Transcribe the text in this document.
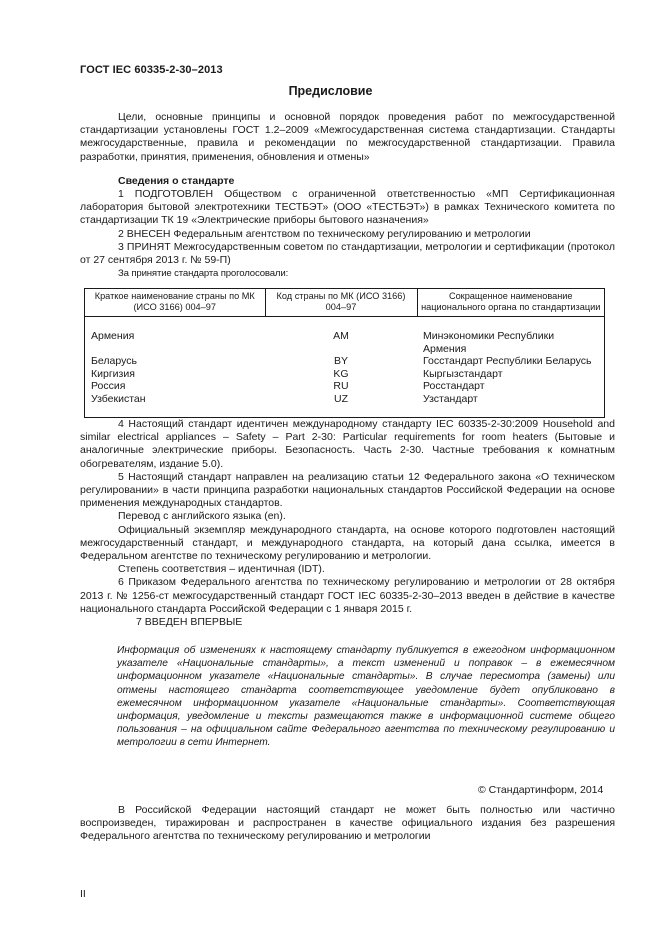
ГОСТ IEC 60335-2-30–2013
Предисловие

Цели, основные принципы и основной порядок проведения работ по межгосударственной стандартизации установлены ГОСТ 1.2–2009 «Межгосударственная система стандартизации. Стандарты межгосударственные, правила и рекомендации по межгосударственной стандартизации. Правила разработки, принятия, применения, обновления и отмены»

Сведения о стандарте

1 ПОДГОТОВЛЕН Обществом с ограниченной ответственностью «МП Сертификационная лаборатория бытовой электротехники ТЕСТБЭТ» (ООО «ТЕСТБЭТ») в рамках Технического комитета по стандартизации ТК 19 «Электрические приборы бытового назначения»

2 ВНЕСЕН Федеральным агентством по техническому регулированию и метрологии

3 ПРИНЯТ Межгосударственным советом по стандартизации, метрологии и сертификации (протокол от 27 сентября 2013 г. № 59-П)

За принятие стандарта проголосовали:

Краткое наименование страны по МК (ИСО 3166) 004–97	Код страны по МК (ИСО 3166) 004–97	Сокращенное наименование национального органа по стандартизации
Армения	AM	Минэкономики Республики Армения
Беларусь	BY	Госстандарт Республики Беларусь
Киргизия	KG	Кыргызстандарт
Россия	RU	Росстандарт
Узбекистан	UZ	Узстандарт

4 Настоящий стандарт идентичен международному стандарту IEC 60335-2-30:2009 Household and similar electrical appliances – Safety – Part 2-30: Particular requirements for room heaters (Бытовые и аналогичные электрические приборы. Безопасность. Часть 2-30. Частные требования к комнатным обогревателям, издание 5.0).

5 Настоящий стандарт направлен на реализацию статьи 12 Федерального закона «О техническом регулировании» в части принципа разработки национальных стандартов Российской Федерации на основе применения международных стандартов.

Перевод с английского языка (en).

Официальный экземпляр международного стандарта, на основе которого подготовлен настоящий межгосударственный стандарт, и международного стандарта, на который дана ссылка, имеется в Федеральном агентстве по техническому регулированию и метрологии.

Степень соответствия – идентичная (IDT).

6 Приказом Федерального агентства по техническому регулированию и метрологии от 28 октября 2013 г. № 1256-ст межгосударственный стандарт ГОСТ IEC 60335-2-30–2013 введен в действие в качестве национального стандарта Российской Федерации с 1 января 2015 г.

7 ВВЕДЕН ВПЕРВЫЕ

Информация об изменениях к настоящему стандарту публикуется в ежегодном информационном указателе «Национальные стандарты», а текст изменений и поправок – в ежемесячном информационном указателе «Национальные стандарты». В случае пересмотра (замены) или отмены настоящего стандарта соответствующее уведомление будет опубликовано в ежемесячном информационном указателе «Национальные стандарты». Соответствующая информация, уведомление и тексты размещаются также в информационной системе общего пользования – на официальном сайте Федерального агентства по техническому регулированию и метрологии в сети Интернет.

© Стандартинформ, 2014

В Российской Федерации настоящий стандарт не может быть полностью или частично воспроизведен, тиражирован и распространен в качестве официального издания без разрешения Федерального агентства по техническому регулированию и метрологии

II
